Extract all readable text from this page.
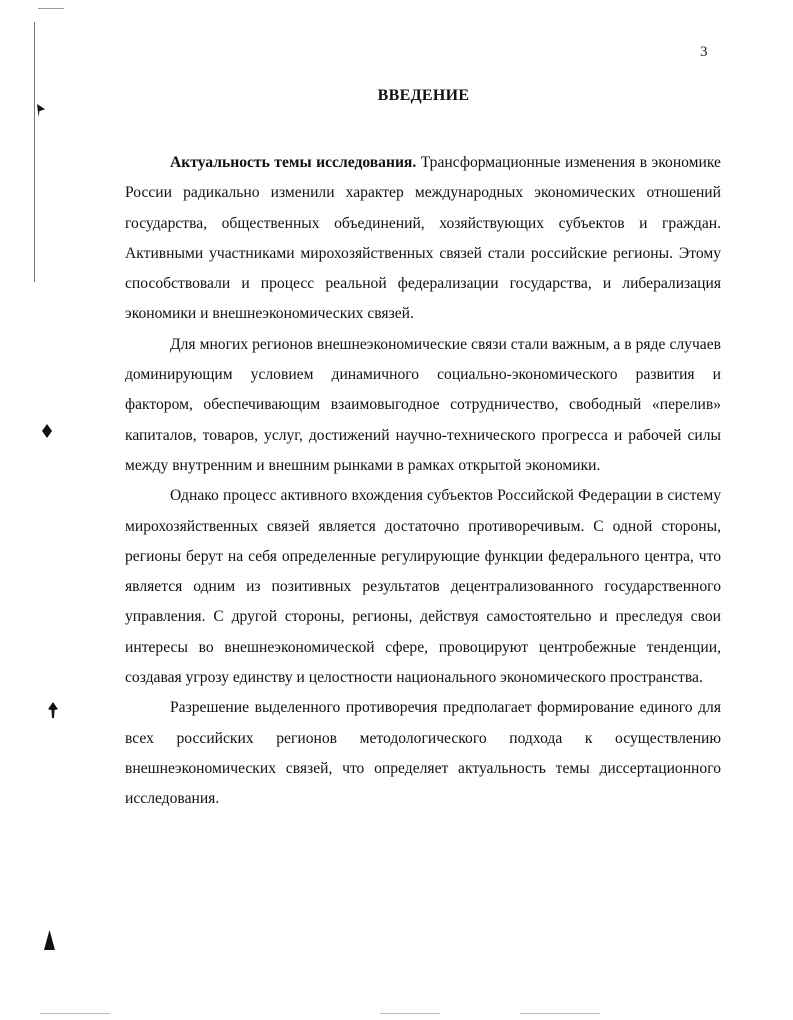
3
ВВЕДЕНИЕ

Актуальность темы исследования. Трансформационные изменения в экономике России радикально изменили характер международных экономических отношений государства, общественных объединений, хозяйствующих субъектов и граждан. Активными участниками мирохозяйственных связей стали российские регионы. Этому способствовали и процесс реальной федерализации государства, и либерализация экономики и внешнеэкономических связей.

Для многих регионов внешнеэкономические связи стали важным, а в ряде случаев доминирующим условием динамичного социально-экономического развития и фактором, обеспечивающим взаимовыгодное сотрудничество, свободный «перелив» капиталов, товаров, услуг, достижений научно-технического прогресса и рабочей силы между внутренним и внешним рынками в рамках открытой экономики.

Однако процесс активного вхождения субъектов Российской Федерации в систему мирохозяйственных связей является достаточно противоречивым. С одной стороны, регионы берут на себя определенные регулирующие функции федерального центра, что является одним из позитивных результатов децентрализованного государственного управления. С другой стороны, регионы, действуя самостоятельно и преследуя свои интересы во внешнеэкономической сфере, провоцируют центробежные тенденции, создавая угрозу единству и целостности национального экономического пространства.

Разрешение выделенного противоречия предполагает формирование единого для всех российских регионов методологического подхода к осуществлению внешнеэкономических связей, что определяет актуальность темы диссертационного исследования.
